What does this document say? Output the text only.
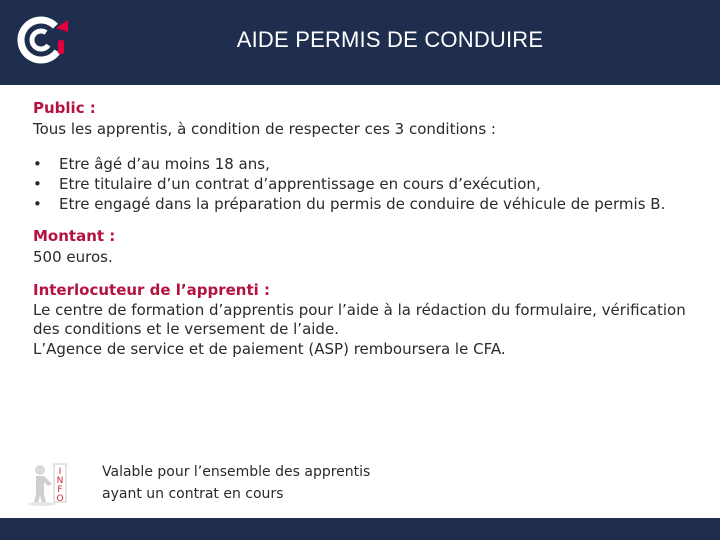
AIDE PERMIS DE CONDUIRE
Public :
Tous les apprentis, à condition de respecter ces 3 conditions :
• Etre âgé d’au moins 18 ans,
• Etre titulaire d’un contrat d’apprentissage en cours d’exécution,
• Etre engagé dans la préparation du permis de conduire de véhicule de permis B.
Montant :
500 euros.
Interlocuteur de l’apprenti :
Le centre de formation d’apprentis pour l’aide à la rédaction du formulaire, vérification des conditions et le versement de l’aide.
L’Agence de service et de paiement (ASP) remboursera le CFA.
I
N
F
O
Valable pour l’ensemble des apprentis
ayant un contrat en cours
